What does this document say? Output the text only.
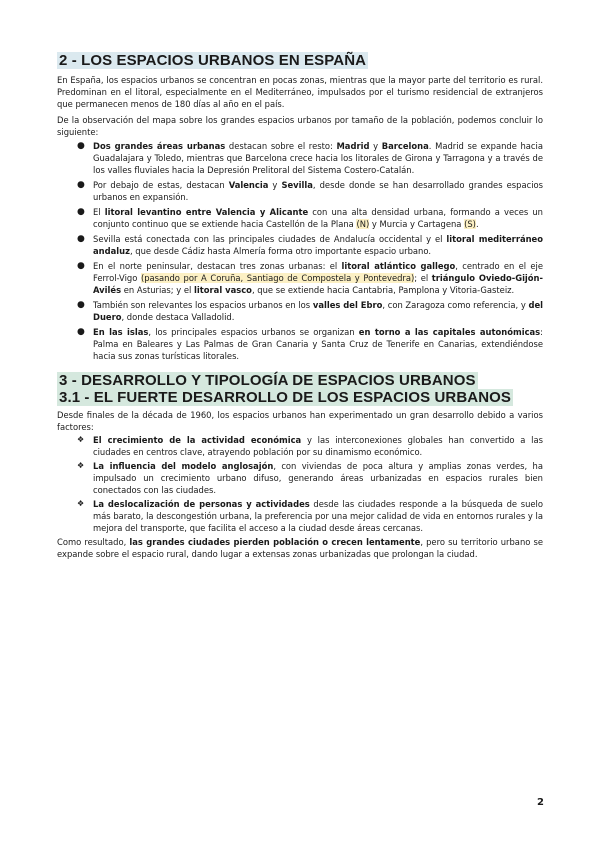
2 - LOS ESPACIOS URBANOS EN ESPAÑA

En España, los espacios urbanos se concentran en pocas zonas, mientras que la mayor parte del territorio es rural. Predominan en el litoral, especialmente en el Mediterráneo, impulsados por el turismo residencial de extranjeros que permanecen menos de 180 días al año en el país.

De la observación del mapa sobre los grandes espacios urbanos por tamaño de la población, podemos concluir lo siguiente:

● Dos grandes áreas urbanas destacan sobre el resto: Madrid y Barcelona. Madrid se expande hacia Guadalajara y Toledo, mientras que Barcelona crece hacia los litorales de Girona y Tarragona y a través de los valles fluviales hacia la Depresión Prelitoral del Sistema Costero-Catalán.
● Por debajo de estas, destacan Valencia y Sevilla, desde donde se han desarrollado grandes espacios urbanos en expansión.
● El litoral levantino entre Valencia y Alicante con una alta densidad urbana, formando a veces un conjunto continuo que se extiende hacia Castellón de la Plana (N) y Murcia y Cartagena (S).
● Sevilla está conectada con las principales ciudades de Andalucía occidental y el litoral mediterráneo andaluz, que desde Cádiz hasta Almería forma otro importante espacio urbano.
● En el norte peninsular, destacan tres zonas urbanas: el litoral atlántico gallego, centrado en el eje Ferrol-Vigo (pasando por A Coruña, Santiago de Compostela y Pontevedra); el triángulo Oviedo-Gijón-Avilés en Asturias; y el litoral vasco, que se extiende hacia Cantabria, Pamplona y Vitoria-Gasteiz.
● También son relevantes los espacios urbanos en los valles del Ebro, con Zaragoza como referencia, y del Duero, donde destaca Valladolid.
● En las islas, los principales espacios urbanos se organizan en torno a las capitales autonómicas: Palma en Baleares y Las Palmas de Gran Canaria y Santa Cruz de Tenerife en Canarias, extendiéndose hacia sus zonas turísticas litorales.
3 - DESARROLLO Y TIPOLOGÍA DE ESPACIOS URBANOS
3.1 - EL FUERTE DESARROLLO DE LOS ESPACIOS URBANOS

Desde finales de la década de 1960, los espacios urbanos han experimentado un gran desarrollo debido a varios factores:

❖ El crecimiento de la actividad económica y las interconexiones globales han convertido a las ciudades en centros clave, atrayendo población por su dinamismo económico.
❖ La influencia del modelo anglosajón, con viviendas de poca altura y amplias zonas verdes, ha impulsado un crecimiento urbano difuso, generando áreas urbanizadas en espacios rurales bien conectados con las ciudades.
❖ La deslocalización de personas y actividades desde las ciudades responde a la búsqueda de suelo más barato, la descongestión urbana, la preferencia por una mejor calidad de vida en entornos rurales y la mejora del transporte, que facilita el acceso a la ciudad desde áreas cercanas.

Como resultado, las grandes ciudades pierden población o crecen lentamente, pero su territorio urbano se expande sobre el espacio rural, dando lugar a extensas zonas urbanizadas que prolongan la ciudad.

2
